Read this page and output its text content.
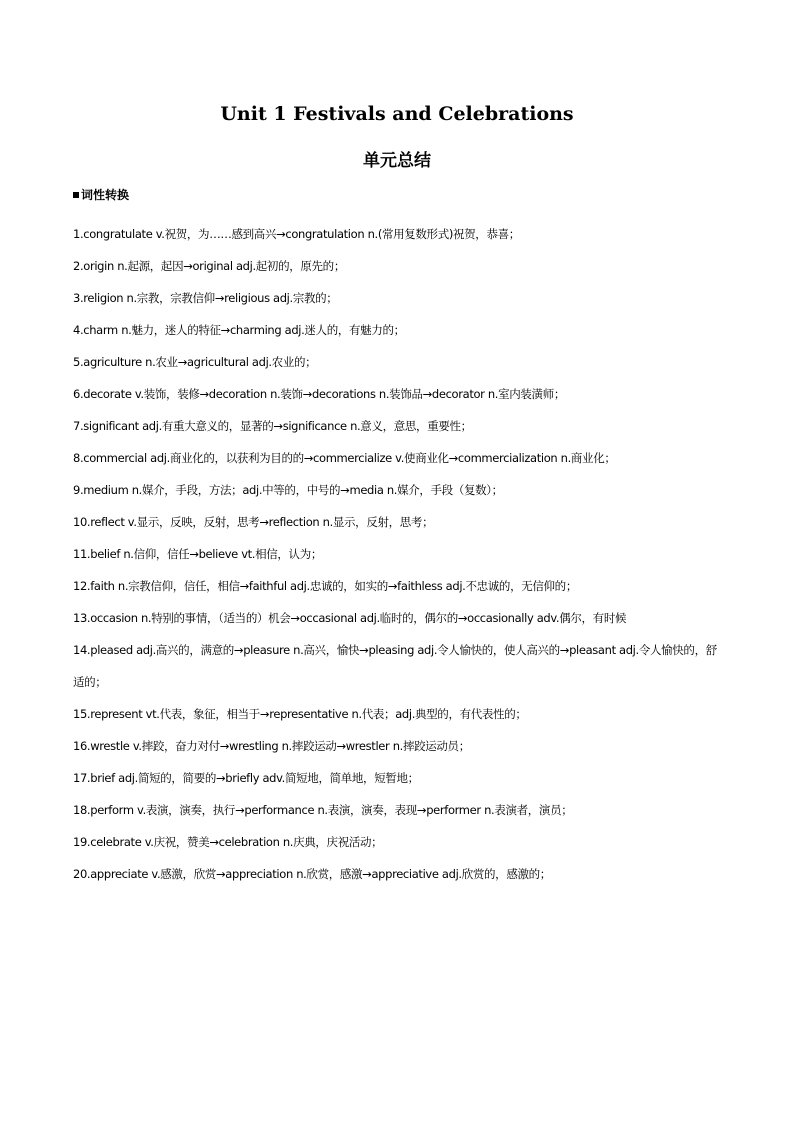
Unit 1 Festivals and Celebrations
单元总结
词性转换
1.congratulate v.祝贺，为……感到高兴→congratulation n.(常用复数形式)祝贺，恭喜；
2.origin n.起源，起因→original adj.起初的，原先的；
3.religion n.宗教，宗教信仰→religious adj.宗教的；
4.charm n.魅力，迷人的特征→charming adj.迷人的，有魅力的；
5.agriculture n.农业→agricultural adj.农业的；
6.decorate v.装饰，装修→decoration n.装饰→decorations n.装饰品→decorator n.室内装潢师；
7.significant adj.有重大意义的，显著的→significance n.意义，意思，重要性；
8.commercial adj.商业化的，以获利为目的的→commercialize v.使商业化→commercialization n.商业化；
9.medium n.媒介，手段，方法；adj.中等的，中号的→media n.媒介，手段（复数）；
10.reflect v.显示，反映，反射，思考→reflection n.显示，反射，思考；
11.belief n.信仰，信任→believe vt.相信，认为；
12.faith n.宗教信仰，信任，相信→faithful adj.忠诚的，如实的→faithless adj.不忠诚的，无信仰的；
13.occasion n.特别的事情，（适当的）机会→occasional adj.临时的，偶尔的→occasionally adv.偶尔，有时候
14.pleased adj.高兴的，满意的→pleasure n.高兴，愉快→pleasing adj.令人愉快的，使人高兴的→pleasant adj.令人愉快的，舒适的；
15.represent vt.代表，象征，相当于→representative n.代表；adj.典型的，有代表性的；
16.wrestle v.摔跤，奋力对付→wrestling n.摔跤运动→wrestler n.摔跤运动员；
17.brief adj.简短的，简要的→briefly adv.简短地，简单地，短暂地；
18.perform v.表演，演奏，执行→performance n.表演，演奏，表现→performer n.表演者，演员；
19.celebrate v.庆祝，赞美→celebration n.庆典，庆祝活动；
20.appreciate v.感激，欣赏→appreciation n.欣赏，感激→appreciative adj.欣赏的，感激的；
